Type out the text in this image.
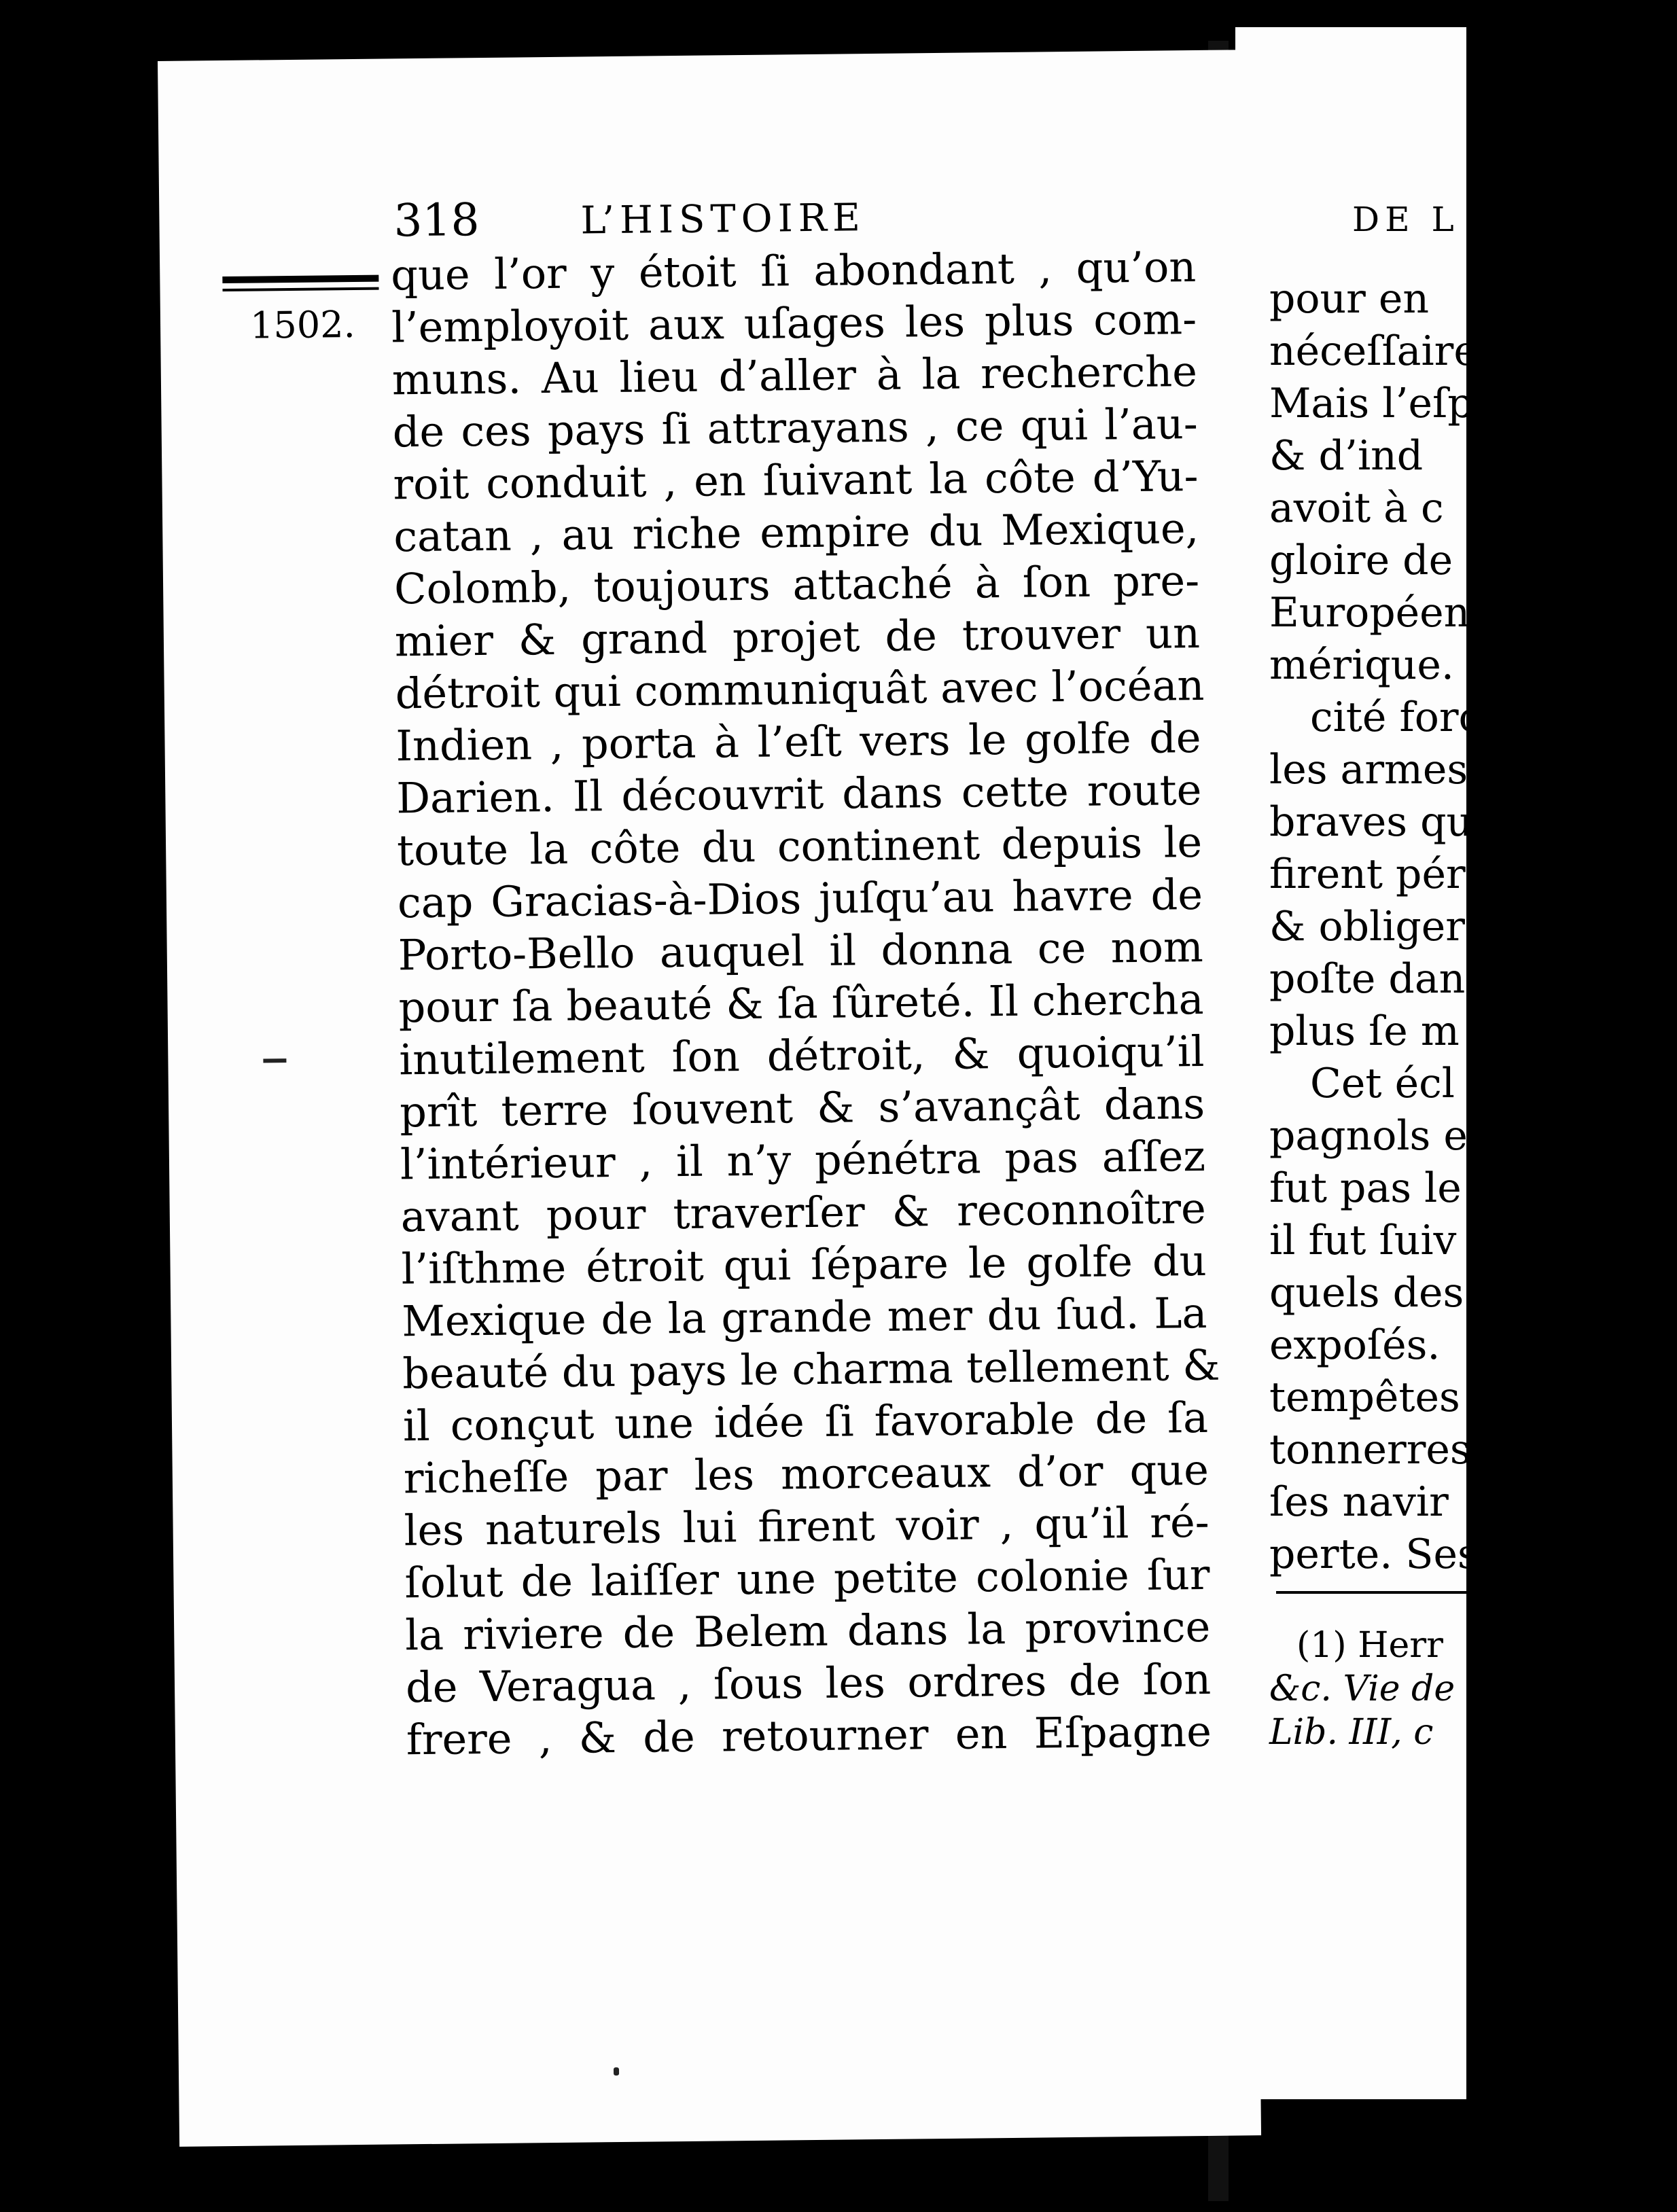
318	L’HISTOIRE
1502.
que l’or y étoit ſi abondant , qu’on
l’employoit aux uſages les plus com-
muns. Au lieu d’aller à la recherche
de ces pays ſi attrayans , ce qui l’au-
roit conduit , en ſuivant la côte d’Yu-
catan , au riche empire du Mexique,
Colomb, toujours attaché à ſon pre-
mier & grand projet de trouver un
détroit qui communiquât avec l’océan
Indien , porta à l’eſt vers le golfe de
Darien. Il découvrit dans cette route
toute la côte du continent depuis le
cap Gracias-à-Dios juſqu’au havre de
Porto-Bello auquel il donna ce nom
pour ſa beauté & ſa ſûreté. Il chercha
inutilement ſon détroit, & quoiqu’il
prît terre ſouvent & s’avançât dans
l’intérieur , il n’y pénétra pas aſſez
avant pour traverſer & reconnoître
l’iſthme étroit qui ſépare le golfe du
Mexique de la grande mer du ſud. La
beauté du pays le charma tellement &
il conçut une idée ſi favorable de ſa
richeſſe par les morceaux d’or que
les naturels lui firent voir , qu’il ré-
ſolut de laiſſer une petite colonie ſur
la riviere de Belem dans la province
de Veragua , ſous les ordres de ſon
frere , & de retourner en Eſpagne
DE L
pour en
néceſſaire
Mais l’eſp
& d’ind
avoit à c
gloire de
Européen
mérique.
cité forc
les armes
braves qu
firent pér
& obliger
poſte dan
plus ſe m
Cet écl
pagnols e
fut pas le
il fut ſuiv
quels des
expoſés.
tempêtes
tonnerres
ſes navir
perte. Ses
(1) Herr
&c. Vie de
Lib. III, c
